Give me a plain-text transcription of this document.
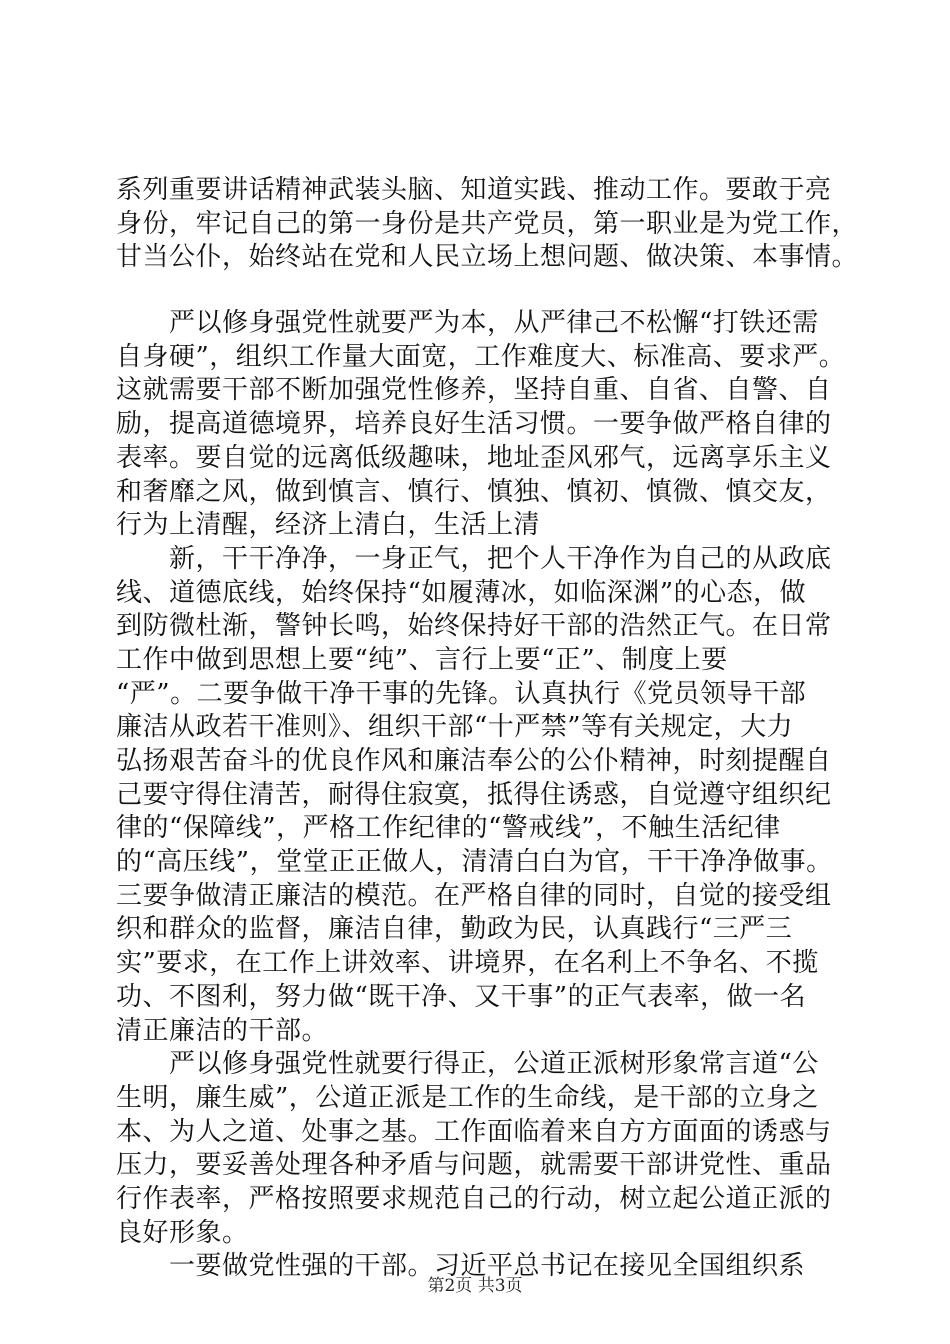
系列重要讲话精神武装头脑、知道实践、推动工作。要敢于亮
身份，牢记自己的第一身份是共产党员，第一职业是为党工作，
甘当公仆，始终站在党和人民立场上想问题、做决策、本事情。
　　严以修身强党性就要严为本，从严律己不松懈“打铁还需
自身硬”，组织工作量大面宽，工作难度大、标准高、要求严。
这就需要干部不断加强党性修养，坚持自重、自省、自警、自
励，提高道德境界，培养良好生活习惯。一要争做严格自律的
表率。要自觉的远离低级趣味，地址歪风邪气，远离享乐主义
和奢靡之风，做到慎言、慎行、慎独、慎初、慎微、慎交友，
行为上清醒，经济上清白，生活上清
　　新，干干净净，一身正气，把个人干净作为自己的从政底
线、道德底线，始终保持“如履薄冰，如临深渊”的心态，做
到防微杜渐，警钟长鸣，始终保持好干部的浩然正气。在日常
工作中做到思想上要“纯”、言行上要“正”、制度上要
“严”。二要争做干净干事的先锋。认真执行《党员领导干部
廉洁从政若干准则》、组织干部“十严禁”等有关规定，大力
弘扬艰苦奋斗的优良作风和廉洁奉公的公仆精神，时刻提醒自
己要守得住清苦，耐得住寂寞，抵得住诱惑，自觉遵守组织纪
律的“保障线”，严格工作纪律的“警戒线”，不触生活纪律
的“高压线”，堂堂正正做人，清清白白为官，干干净净做事。
三要争做清正廉洁的模范。在严格自律的同时，自觉的接受组
织和群众的监督，廉洁自律，勤政为民，认真践行“三严三
实”要求，在工作上讲效率、讲境界，在名利上不争名、不揽
功、不图利，努力做“既干净、又干事”的正气表率，做一名
清正廉洁的干部。
　　严以修身强党性就要行得正，公道正派树形象常言道“公
生明，廉生威”，公道正派是工作的生命线，是干部的立身之
本、为人之道、处事之基。工作面临着来自方方面面的诱惑与
压力，要妥善处理各种矛盾与问题，就需要干部讲党性、重品
行作表率，严格按照要求规范自己的行动，树立起公道正派的
良好形象。
　　一要做党性强的干部。习近平总书记在接见全国组织系
第2页 共3页
